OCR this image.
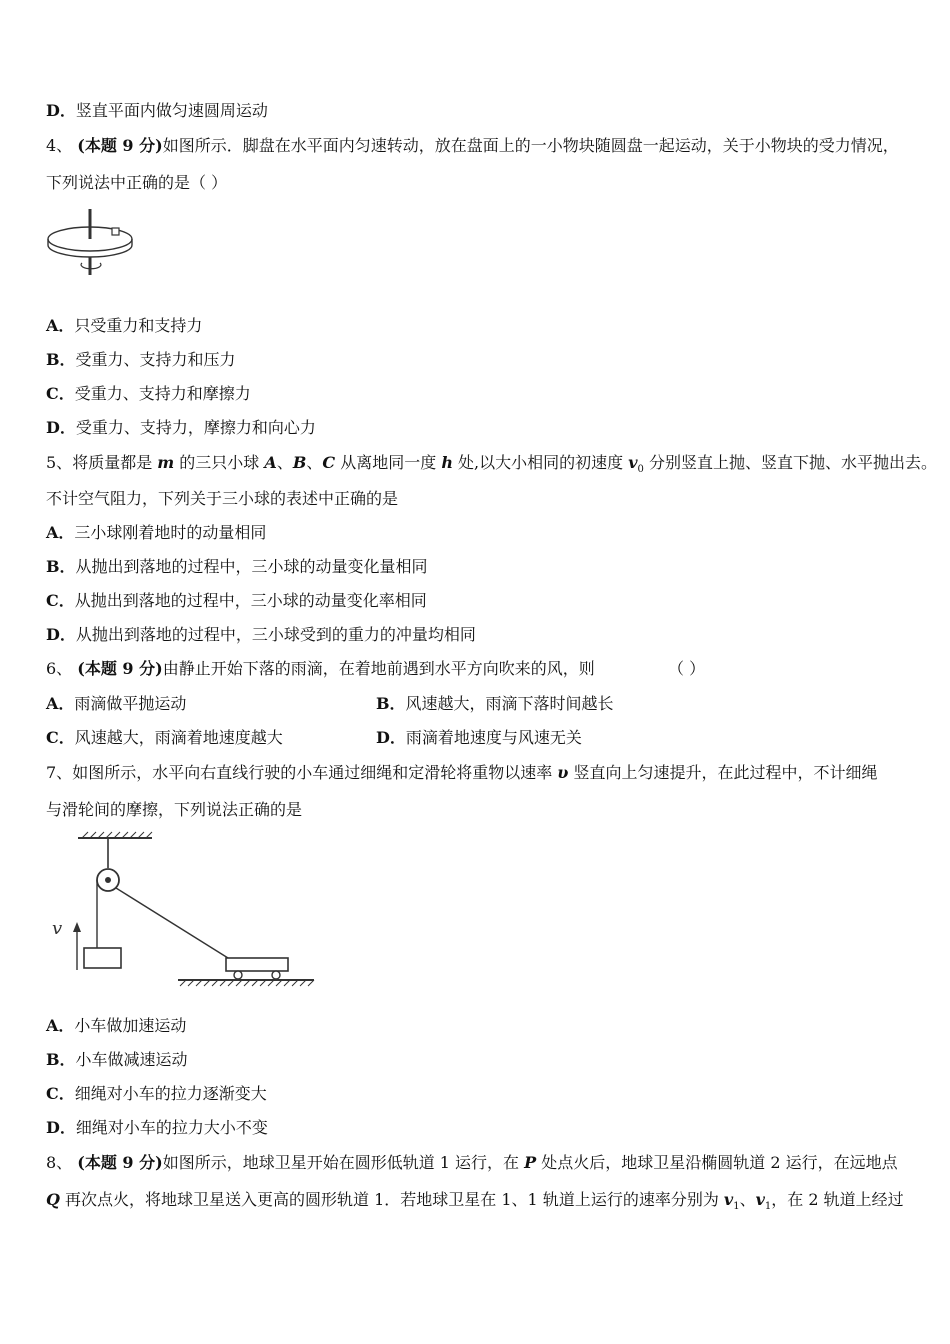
D．竖直平面内做匀速圆周运动
4、 (本题 9 分)如图所示．脚盘在水平面内匀速转动，放在盘面上的一小物块随圆盘一起运动，关于小物块的受力情况，
下列说法中正确的是（ ）
A．只受重力和支持力
B．受重力、支持力和压力
C．受重力、支持力和摩擦力
D．受重力、支持力，摩擦力和向心力
5、将质量都是 m 的三只小球 A、B、C 从离地同一度 h 处,以大小相同的初速度 $v_0$ 分别竖直上抛、竖直下抛、水平抛出去。
不计空气阻力，下列关于三小球的表述中正确的是
A．三小球刚着地时的动量相同
B．从抛出到落地的过程中，三小球的动量变化量相同
C．从抛出到落地的过程中，三小球的动量变化率相同
D．从抛出到落地的过程中，三小球受到的重力的冲量均相同
6、 (本题 9 分)由静止开始下落的雨滴，在着地前遇到水平方向吹来的风，则	（ ）
A．雨滴做平抛运动	B．风速越大，雨滴下落时间越长
C．风速越大，雨滴着地速度越大	D．雨滴着地速度与风速无关
7、如图所示，水平向右直线行驶的小车通过细绳和定滑轮将重物以速率 υ 竖直向上匀速提升，在此过程中，不计细绳
与滑轮间的摩擦，下列说法正确的是
v
A．小车做加速运动
B．小车做减速运动
C．细绳对小车的拉力逐渐变大
D．细绳对小车的拉力大小不变
8、 (本题 9 分)如图所示，地球卫星开始在圆形低轨道 1 运行，在 P 处点火后，地球卫星沿椭圆轨道 2 运行，在远地点
Q 再次点火，将地球卫星送入更高的圆形轨道 1．若地球卫星在 1、1 轨道上运行的速率分别为 $v_1$、$v_1$，在 2 轨道上经过
